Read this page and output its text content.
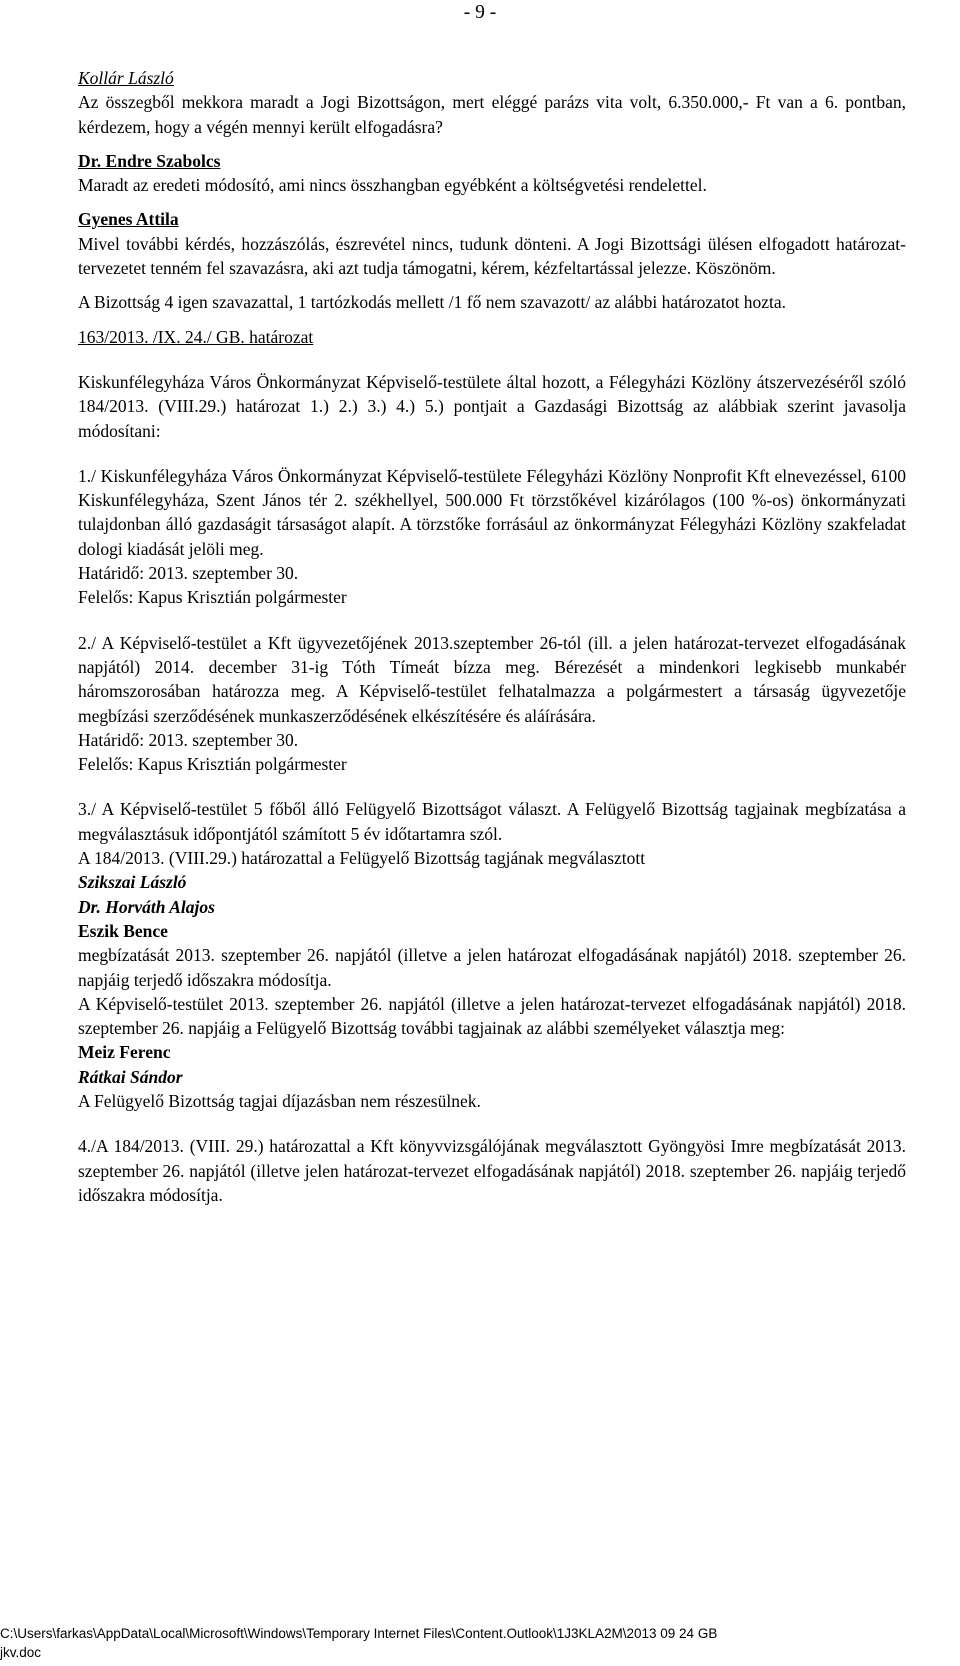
- 9 -

Kollár László

Az összegből mekkora maradt a Jogi Bizottságon, mert eléggé parázs vita volt, 6.350.000,- Ft van a 6. pontban, kérdezem, hogy a végén mennyi került elfogadásra?

Dr. Endre Szabolcs

Maradt az eredeti módosító, ami nincs összhangban egyébként a költségvetési rendelettel.

Gyenes Attila

Mivel további kérdés, hozzászólás, észrevétel nincs, tudunk dönteni. A Jogi Bizottsági ülésen elfogadott határozat-tervezetet tenném fel szavazásra, aki azt tudja támogatni, kérem, kézfeltartással jelezze. Köszönöm.

A Bizottság 4 igen szavazattal, 1 tartózkodás mellett /1 fő nem szavazott/ az alábbi határozatot hozta.

163/2013. /IX. 24./ GB. határozat

Kiskunfélegyháza Város Önkormányzat Képviselő-testülete által hozott, a Félegyházi Közlöny átszervezéséről szóló 184/2013. (VIII.29.) határozat 1.) 2.) 3.) 4.) 5.) pontjait a Gazdasági Bizottság az alábbiak szerint javasolja módosítani:

1./ Kiskunfélegyháza Város Önkormányzat Képviselő-testülete Félegyházi Közlöny Nonprofit Kft elnevezéssel, 6100 Kiskunfélegyháza, Szent János tér 2. székhellyel, 500.000 Ft törzstőkével kizárólagos (100 %-os) önkormányzati tulajdonban álló gazdaságit társaságot alapít. A törzstőke forrásául az önkormányzat Félegyházi Közlöny szakfeladat dologi kiadását jelöli meg.

Határidő: 2013. szeptember 30.

Felelős: Kapus Krisztián polgármester

2./ A Képviselő-testület a Kft ügyvezetőjének 2013.szeptember 26-tól (ill. a jelen határozat-tervezet elfogadásának napjától) 2014. december 31-ig Tóth Tímeát bízza meg. Bérezését a mindenkori legkisebb munkabér háromszorosában határozza meg. A Képviselő-testület felhatalmazza a polgármestert a társaság ügyvezetője megbízási szerződésének munkaszerződésének elkészítésére és aláírására.

Határidő: 2013. szeptember 30.

Felelős: Kapus Krisztián polgármester

3./ A Képviselő-testület 5 főből álló Felügyelő Bizottságot választ. A Felügyelő Bizottság tagjainak megbízatása a megválasztásuk időpontjától számított 5 év időtartamra szól.

A 184/2013. (VIII.29.) határozattal a Felügyelő Bizottság tagjának megválasztott

Szikszai László

Dr. Horváth Alajos

Eszik Bence

megbízatását 2013. szeptember 26. napjától (illetve a jelen határozat elfogadásának napjától) 2018. szeptember 26. napjáig terjedő időszakra módosítja.

A Képviselő-testület 2013. szeptember 26. napjától (illetve a jelen határozat-tervezet elfogadásának napjától) 2018. szeptember 26. napjáig a Felügyelő Bizottság további tagjainak az alábbi személyeket választja meg:

Meiz Ferenc

Rátkai Sándor

A Felügyelő Bizottság tagjai díjazásban nem részesülnek.

4./A 184/2013. (VIII. 29.) határozattal a Kft könyvvizsgálójának megválasztott Gyöngyösi Imre megbízatását 2013. szeptember 26. napjától (illetve jelen határozat-tervezet elfogadásának napjától) 2018. szeptember 26. napjáig terjedő időszakra módosítja.

C:\Users\farkas\AppData\Local\Microsoft\Windows\Temporary Internet Files\Content.Outlook\1J3KLA2M\2013 09 24 GB
jkv.doc
